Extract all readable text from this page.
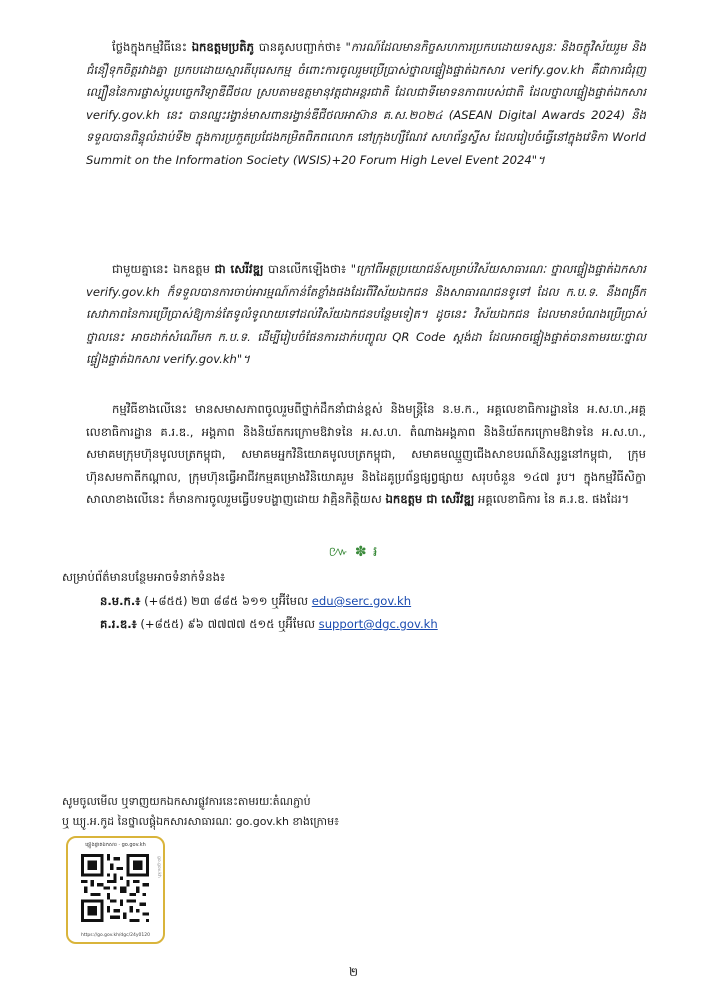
ថ្លែងក្នុងកម្មវិធីនេះ ឯកឧត្តមប្រតិភូ បានគូសបញ្ជាក់ថា៖ "ការណ៍ដែលមានកិច្ចសហការប្រកបដោយទស្សនៈ និងចក្ខុវិស័យរួម និងជំនឿទុកចិត្តរវាងគ្នា ប្រកបដោយស្មារតីបុរេសកម្ម ចំពោះការចូលរួមប្រើប្រាស់ថ្នាលផ្ទៀងផ្ទាត់ឯកសារ verify.gov.kh គឺជាការជំរុញល្បឿននៃការផ្លាស់ប្តូរបច្ចេកវិទ្យាឌីជីថល ស្របតាមឧត្តមានុវត្តជាអន្តរជាតិ ដែលជាទីមោទនភាពរបស់ជាតិ ដែលថ្នាលផ្ទៀងផ្ទាត់ឯកសារ verify.gov.kh នេះ បានឈ្នះរង្វាន់មាសពានរង្វាន់ឌីជីថលអាស៊ាន គ.ស.២០២៤ (ASEAN Digital Awards 2024) និងទទួលបានពិន្ទុលំដាប់ទី២ ក្នុងការប្រកួតប្រជែងកម្រិតពិភពលោក នៅក្រុងហ្សឺណែវ សហព័ន្ធស្វីស ដែលរៀបចំធ្វើនៅក្នុងវេទិកា World Summit on the Information Society (WSIS)+20 Forum High Level Event 2024"។

ជាមួយគ្នានេះ ឯកឧត្តម ជា សេរីវឌ្ឍ បានលើកឡើងថា៖ "ក្រៅពីអត្ថប្រយោជន៍សម្រាប់វិស័យសាធារណៈ ថ្នាលផ្ទៀងផ្ទាត់ឯកសារ verify.gov.kh ក៏ទទួលបានការចាប់អារម្មណ៍កាន់តែខ្លាំងផងដែរពីវិស័យឯកជន និងសាធារណជនទូទៅ ដែល ក.ប.ទ. នឹងពង្រីកសេវាភាពនៃការប្រើប្រាស់ឱ្យកាន់តែទូលំទូលាយទៅដល់វិស័យឯកជនបន្ថែមទៀត។ ដូចនេះ វិស័យឯកជន ដែលមានបំណងប្រើប្រាស់ថ្នាលនេះ អាចដាក់សំណើមក ក.ប.ទ. ដើម្បីរៀបចំផែនការដាក់បញ្ចូល QR Code ស្តង់ដា ដែលអាចផ្ទៀងផ្ទាត់បានតាមរយៈថ្នាលផ្ទៀងផ្ទាត់ឯកសារ verify.gov.kh"។

កម្មវិធីខាងលើនេះ មានសមាសភាពចូលរួមពីថ្នាក់ដឹកនាំជាន់ខ្ពស់ និងមន្ត្រីនៃ ន.ម.ក., អគ្គលេខាធិការដ្ឋាននៃ អ.ស.ហ.,អគ្គលេខាធិការដ្ឋាន គ.រ.ឌ., អង្គភាព និងនិយ័តករក្រោមឱវាទនៃ អ.ស.ហ. តំណាងអង្គភាព និងនិយ័តករក្រោមឱវាទនៃ អ.ស.ហ., សមាគមក្រុមហ៊ុនមូលបត្រកម្ពុជា, សមាគមអ្នកវិនិយោគមូលបត្រកម្ពុជា, សមាគមឈ្មួញជើងសាខបរណ៍និស្សន្ទនៅកម្ពុជា, ក្រុមហ៊ុនសមកាតីកណ្ដាល, ក្រុមហ៊ុនធ្វើអាជីវកម្មគម្រោងវិនិយោគរួម និងដៃគូប្រព័ន្ធផ្សព្វផ្សាយ សរុបចំនួន ១៤៧ រូប។ ក្នុងកម្មវិធីសិក្ខាសាលាខាងលើនេះ ក៏មានការចូលរួមធ្វើបទបង្ហាញដោយ វាគ្មិនកិត្តិយស ឯកឧត្តម ជា សេរីវឌ្ឍ អគ្គលេខាធិការ នៃ គ.រ.ឌ. ផងដែរ។

៚ ✽ ៛
សម្រាប់ព័ត៌មានបន្ថែមអាចទំនាក់ទំនង៖
ន.ម.ក.៖ (+៨៥៥) ២៣ ៨៨៥ ៦១១ ឬអ៊ីមែល edu@serc.gov.kh
គ.រ.ឌ.៖ (+៨៥៥) ៩៦ ៧៧៧៧ ៥១៥ ឬអ៊ីមែល support@dgc.gov.kh
សូមចូលមើល ឬទាញយកឯកសារផ្លូវការនេះតាមរយៈតំណភ្ជាប់
ឬ ឃ្យូ.អ.កូដ នៃថ្នាលផ្តុំឯកសារសាធារណៈ go.gov.kh ខាងក្រោម៖
ផ្ទៀងផ្ទាត់ឯកសារ · go.gov.kh
go.gov.kh
https://go.gov.kh/dgc/24y0120
២
